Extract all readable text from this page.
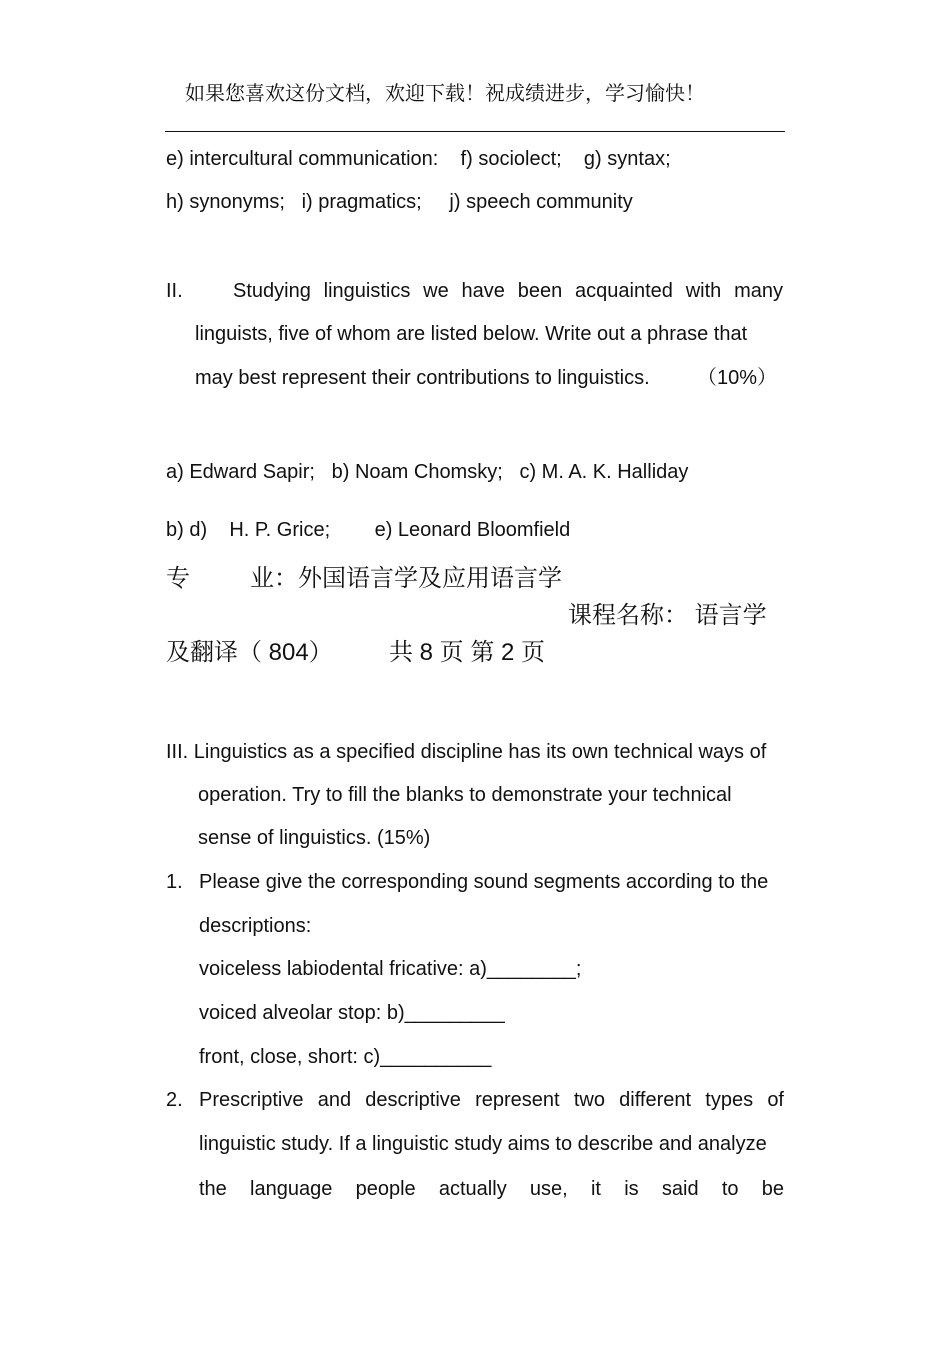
如果您喜欢这份文档，欢迎下载！祝成绩进步，学习愉快！
e) intercultural communication:    f) sociolect;    g) syntax;
h) synonyms;   i) pragmatics;     j) speech community
II.	Studying linguistics we have been acquainted with many
linguists, five of whom are listed below. Write out a phrase that
may best represent their contributions to linguistics. （10%）
a) Edward Sapir;   b) Noam Chomsky;   c) M. A. K. Halliday
b) d)    H. P. Grice;        e) Leonard Bloomfield
专	业：外国语言学及应用语言学
课程名称： 语言学
及翻译（ 804） 共 8 页 第 2 页
III. Linguistics as a specified discipline has its own technical ways of
operation. Try to fill the blanks to demonstrate your technical
sense of linguistics. (15%)
1. Please give the corresponding sound segments according to the
descriptions:
voiceless labiodental fricative: a)________;
voiced alveolar stop: b)_________
front, close, short: c)__________
2. Prescriptive and descriptive represent two different types of
linguistic study. If a linguistic study aims to describe and analyze
the language people actually use, it is said to be
